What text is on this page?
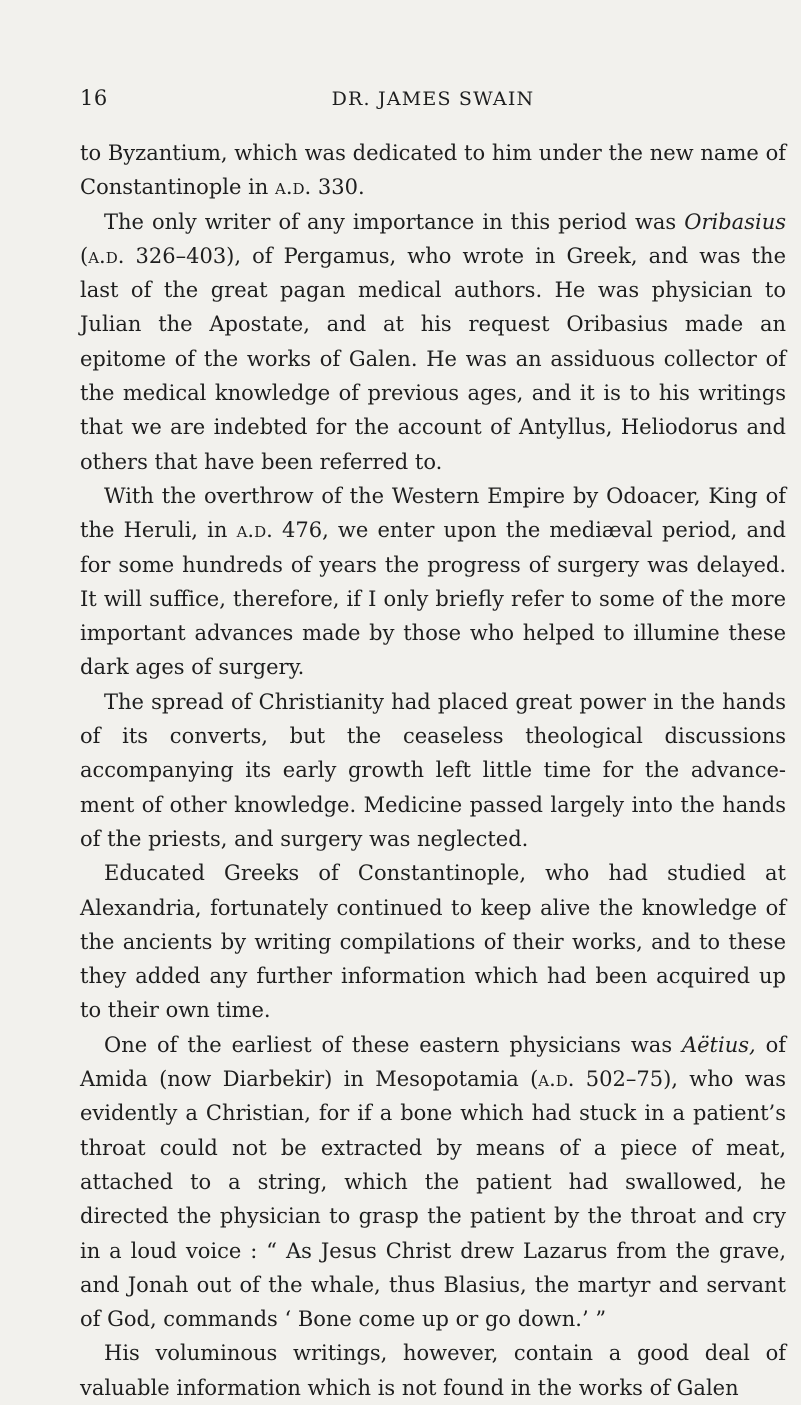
16	DR. JAMES SWAIN

to Byzantium, which was dedicated to him under the new name of Constantinople in a.d. 330.

The only writer of any importance in this period was Oribasius (a.d. 326–403), of Pergamus, who wrote in Greek, and was the last of the great pagan medical authors. He was physician to Julian the Apostate, and at his request Oribasius made an epitome of the works of Galen. He was an assiduous collector of the medical knowledge of previous ages, and it is to his writings that we are indebted for the account of Antyllus, Heliodorus and others that have been referred to.

With the overthrow of the Western Empire by Odoacer, King of the Heruli, in a.d. 476, we enter upon the mediæval period, and for some hundreds of years the progress of surgery was delayed. It will suffice, therefore, if I only briefly refer to some of the more important advances made by those who helped to illumine these dark ages of surgery.

The spread of Christianity had placed great power in the hands of its converts, but the ceaseless theological discussions accompanying its early growth left little time for the advance-ment of other knowledge. Medicine passed largely into the hands of the priests, and surgery was neglected.

Educated Greeks of Constantinople, who had studied at Alexandria, fortunately continued to keep alive the knowledge of the ancients by writing compilations of their works, and to these they added any further information which had been acquired up to their own time.

One of the earliest of these eastern physicians was Aëtius, of Amida (now Diarbekir) in Mesopotamia (a.d. 502–75), who was evidently a Christian, for if a bone which had stuck in a patient’s throat could not be extracted by means of a piece of meat, attached to a string, which the patient had swallowed, he directed the physician to grasp the patient by the throat and cry in a loud voice : “ As Jesus Christ drew Lazarus from the grave, and Jonah out of the whale, thus Blasius, the martyr and servant of God, commands ‘ Bone come up or go down.’ ”

His voluminous writings, however, contain a good deal of valuable information which is not found in the works of Galen
